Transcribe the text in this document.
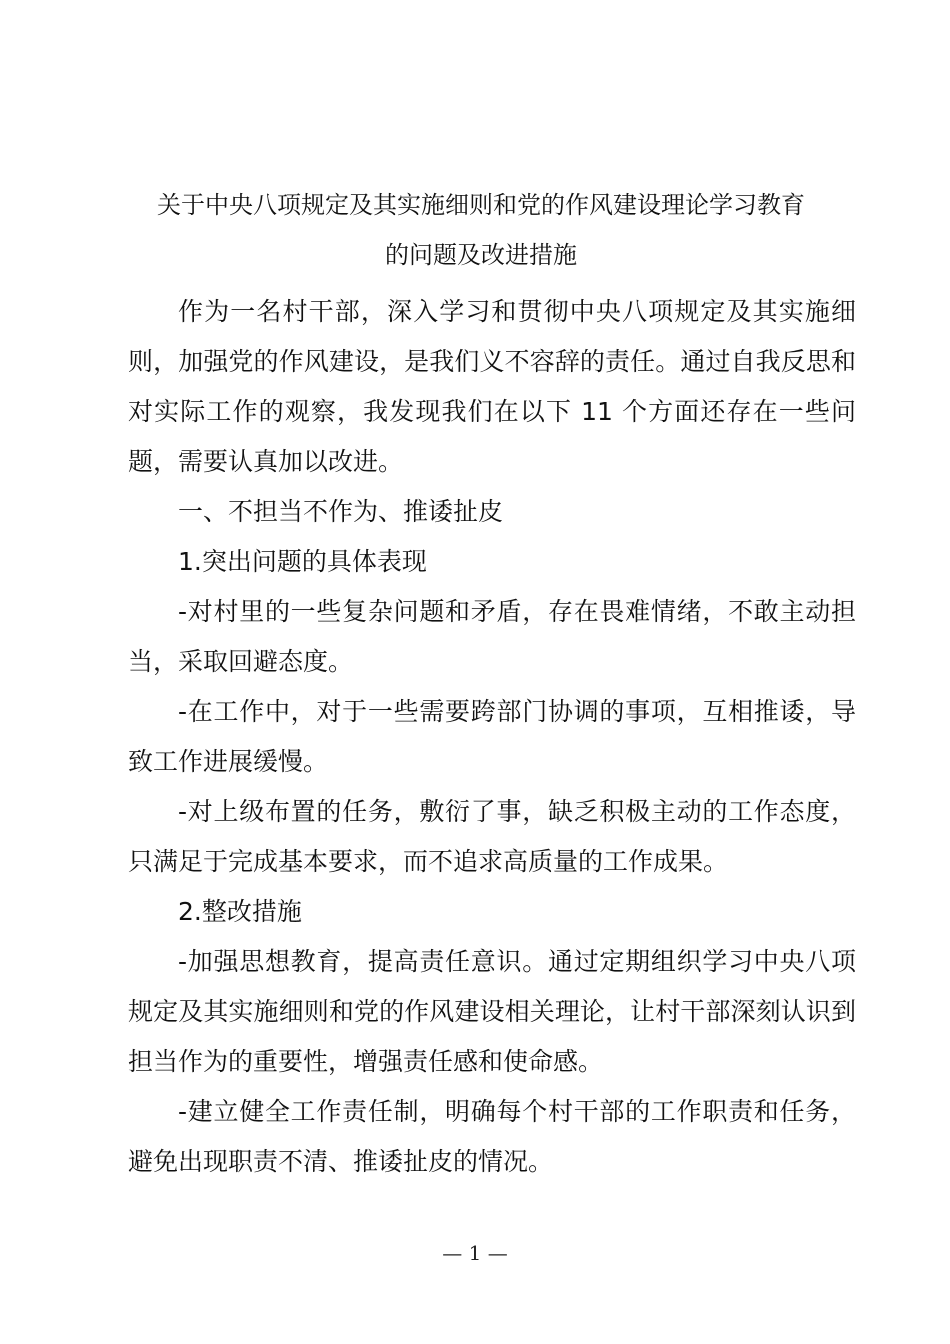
关于中央八项规定及其实施细则和党的作风建设理论学习教育
的问题及改进措施

作为一名村干部，深入学习和贯彻中央八项规定及其实施细则，加强党的作风建设，是我们义不容辞的责任。通过自我反思和对实际工作的观察，我发现我们在以下 11 个方面还存在一些问题，需要认真加以改进。

一、不担当不作为、推诿扯皮

1.突出问题的具体表现

-对村里的一些复杂问题和矛盾，存在畏难情绪，不敢主动担当，采取回避态度。

-在工作中，对于一些需要跨部门协调的事项，互相推诿，导致工作进展缓慢。

-对上级布置的任务，敷衍了事，缺乏积极主动的工作态度，只满足于完成基本要求，而不追求高质量的工作成果。

2.整改措施

-加强思想教育，提高责任意识。通过定期组织学习中央八项规定及其实施细则和党的作风建设相关理论，让村干部深刻认识到担当作为的重要性，增强责任感和使命感。

-建立健全工作责任制，明确每个村干部的工作职责和任务，避免出现职责不清、推诿扯皮的情况。

— 1 —
